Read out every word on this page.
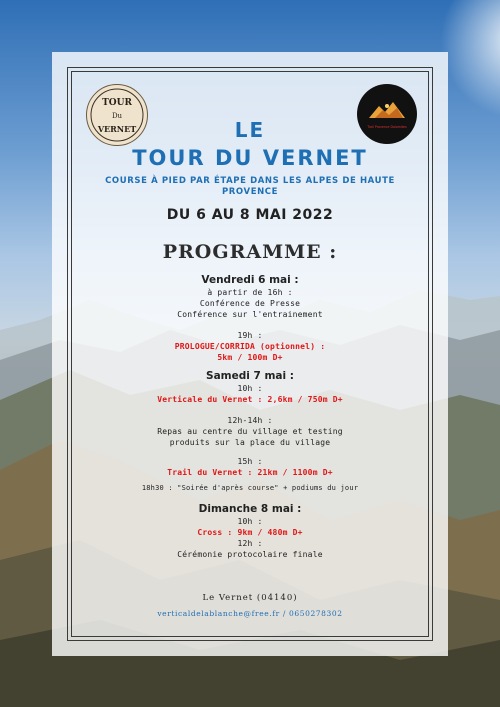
TOUR
Du
VERNET	Trail Provence Dolomites
LE
TOUR DU VERNET
COURSE À PIED PAR ÉTAPE DANS LES ALPES DE HAUTE PROVENCE
DU 6 AU 8 MAI 2022
PROGRAMME :
Vendredi 6 mai :
à partir de 16h :
Conférence de Presse
Conférence sur l'entrainement
19h :
PROLOGUE/CORRIDA (optionnel) :
5km / 100m D+
Samedi 7 mai :
10h :
Verticale du Vernet : 2,6km / 750m D+
12h-14h :
Repas au centre du village et testing
produits sur la place du village
15h :
Trail du Vernet : 21km / 1100m D+
18h30 : "Soirée d'après course" + podiums du jour
Dimanche 8 mai :
10h :
Cross : 9km / 480m D+
12h :
Cérémonie protocolaire finale
Le Vernet (04140)
verticaldelablanche@free.fr / 0650278302
